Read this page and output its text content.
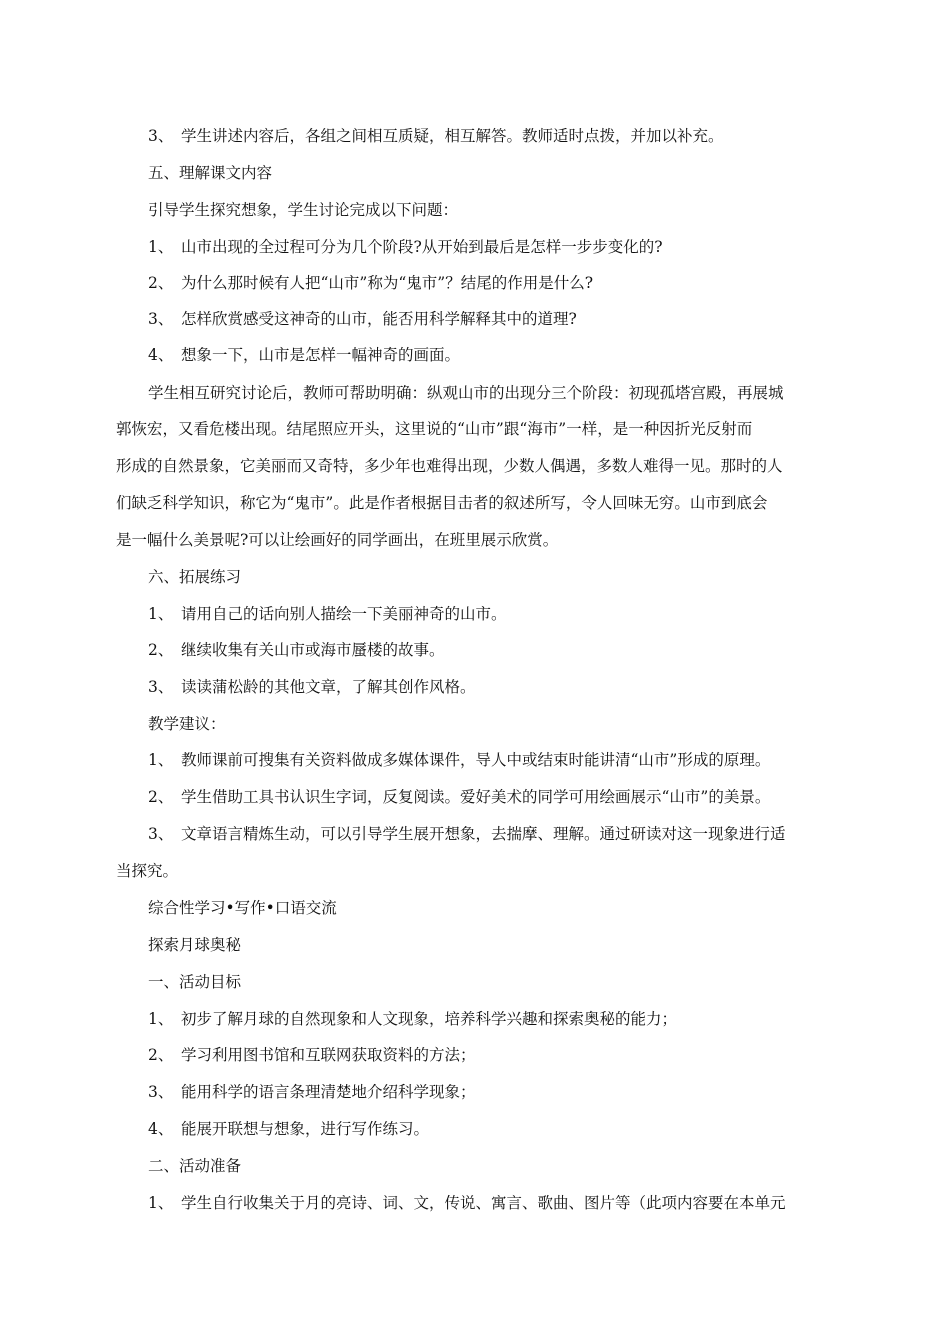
3、 学生讲述内容后，各组之间相互质疑，相互解答。教师适时点拨，并加以补充。
五、理解课文内容
引导学生探究想象，学生讨论完成以下问题：
1、 山市出现的全过程可分为几个阶段?从开始到最后是怎样一步步变化的?
2、 为什么那时候有人把“山市”称为“鬼市”？结尾的作用是什么?
3、 怎样欣赏感受这神奇的山市，能否用科学解释其中的道理?
4、 想象一下，山市是怎样一幅神奇的画面。
学生相互研究讨论后，教师可帮助明确：纵观山市的出现分三个阶段：初现孤塔宫殿，再展城
郭恢宏，又看危楼出现。结尾照应开头，这里说的“山市”跟“海市”一样，是一种因折光反射而
形成的自然景象，它美丽而又奇特，多少年也难得出现，少数人偶遇，多数人难得一见。那时的人
们缺乏科学知识，称它为“鬼市”。此是作者根据目击者的叙述所写，令人回味无穷。山市到底会
是一幅什么美景呢?可以让绘画好的同学画出，在班里展示欣赏。
六、拓展练习
1、 请用自己的话向别人描绘一下美丽神奇的山市。
2、 继续收集有关山市或海市蜃楼的故事。
3、 读读蒲松龄的其他文章，了解其创作风格。
教学建议：
1、 教师课前可搜集有关资料做成多媒体课件，导人中或结束时能讲清“山市”形成的原理。
2、 学生借助工具书认识生字词，反复阅读。爱好美术的同学可用绘画展示“山市”的美景。
3、 文章语言精炼生动，可以引导学生展开想象，去揣摩、理解。通过研读对这一现象进行适
当探究。
综合性学习•写作•口语交流
探索月球奥秘
一、活动目标
1、 初步了解月球的自然现象和人文现象，培养科学兴趣和探索奥秘的能力；
2、 学习利用图书馆和互联网获取资料的方法；
3、 能用科学的语言条理清楚地介绍科学现象；
4、 能展开联想与想象，进行写作练习。
二、活动准备
1、 学生自行收集关于月的亮诗、词、文，传说、寓言、歌曲、图片等（此项内容要在本单元
